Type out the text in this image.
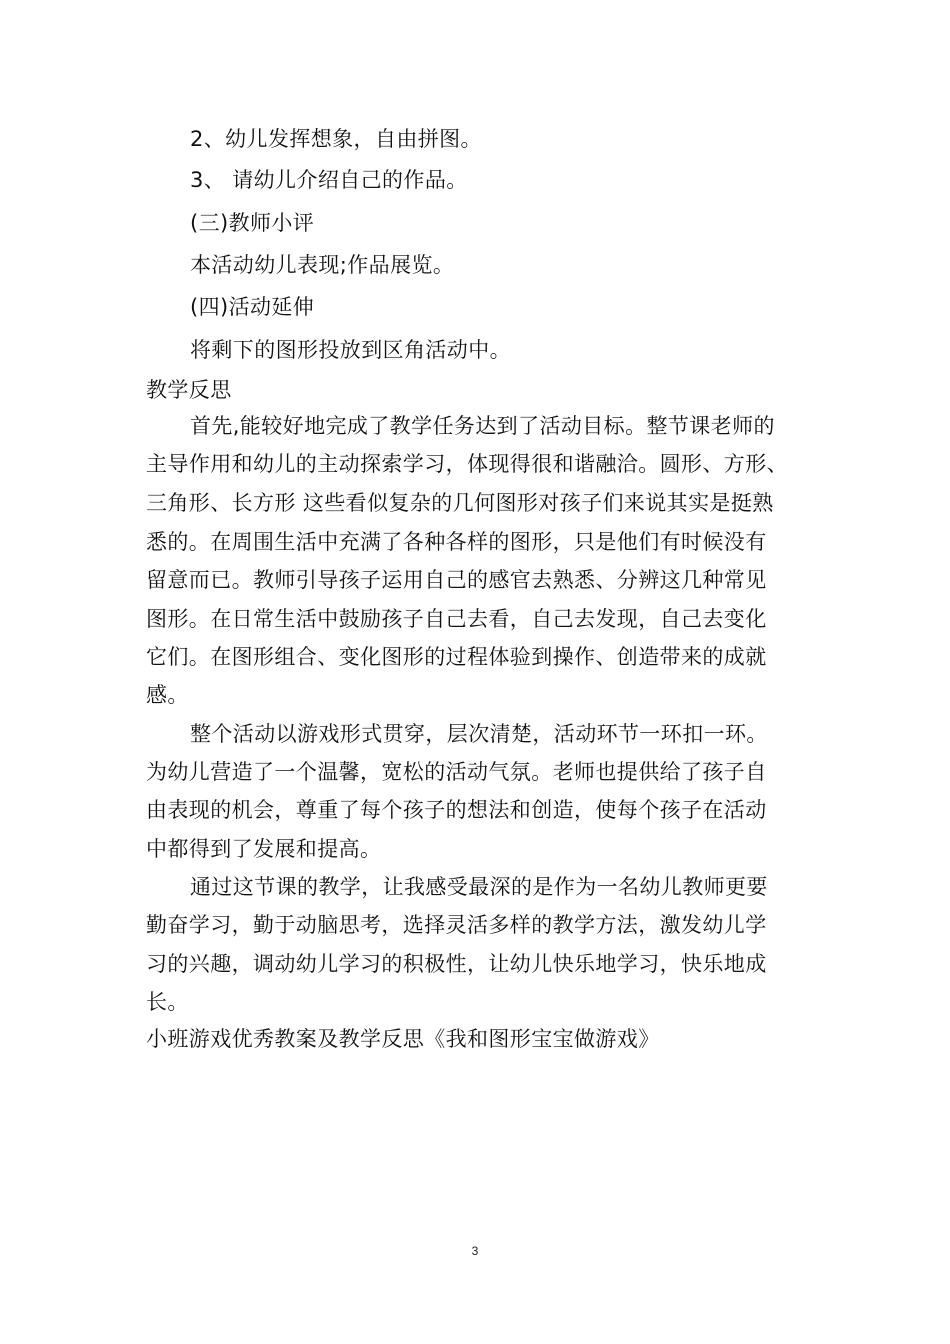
2、幼儿发挥想象，自由拼图。
3、 请幼儿介绍自己的作品。
(三)教师小评
本活动幼儿表现;作品展览。
(四)活动延伸
将剩下的图形投放到区角活动中。
教学反思
首先,能较好地完成了教学任务达到了活动目标。整节课老师的
主导作用和幼儿的主动探索学习，体现得很和谐融洽。圆形、方形、
三角形、长方形 这些看似复杂的几何图形对孩子们来说其实是挺熟
悉的。在周围生活中充满了各种各样的图形，只是他们有时候没有
留意而已。教师引导孩子运用自己的感官去熟悉、分辨这几种常见
图形。在日常生活中鼓励孩子自己去看，自己去发现，自己去变化
它们。在图形组合、变化图形的过程体验到操作、创造带来的成就
感。
整个活动以游戏形式贯穿，层次清楚，活动环节一环扣一环。
为幼儿营造了一个温馨，宽松的活动气氛。老师也提供给了孩子自
由表现的机会，尊重了每个孩子的想法和创造，使每个孩子在活动
中都得到了发展和提高。
通过这节课的教学，让我感受最深的是作为一名幼儿教师更要
勤奋学习，勤于动脑思考，选择灵活多样的教学方法，激发幼儿学
习的兴趣，调动幼儿学习的积极性，让幼儿快乐地学习，快乐地成
长。
小班游戏优秀教案及教学反思《我和图形宝宝做游戏》
3
